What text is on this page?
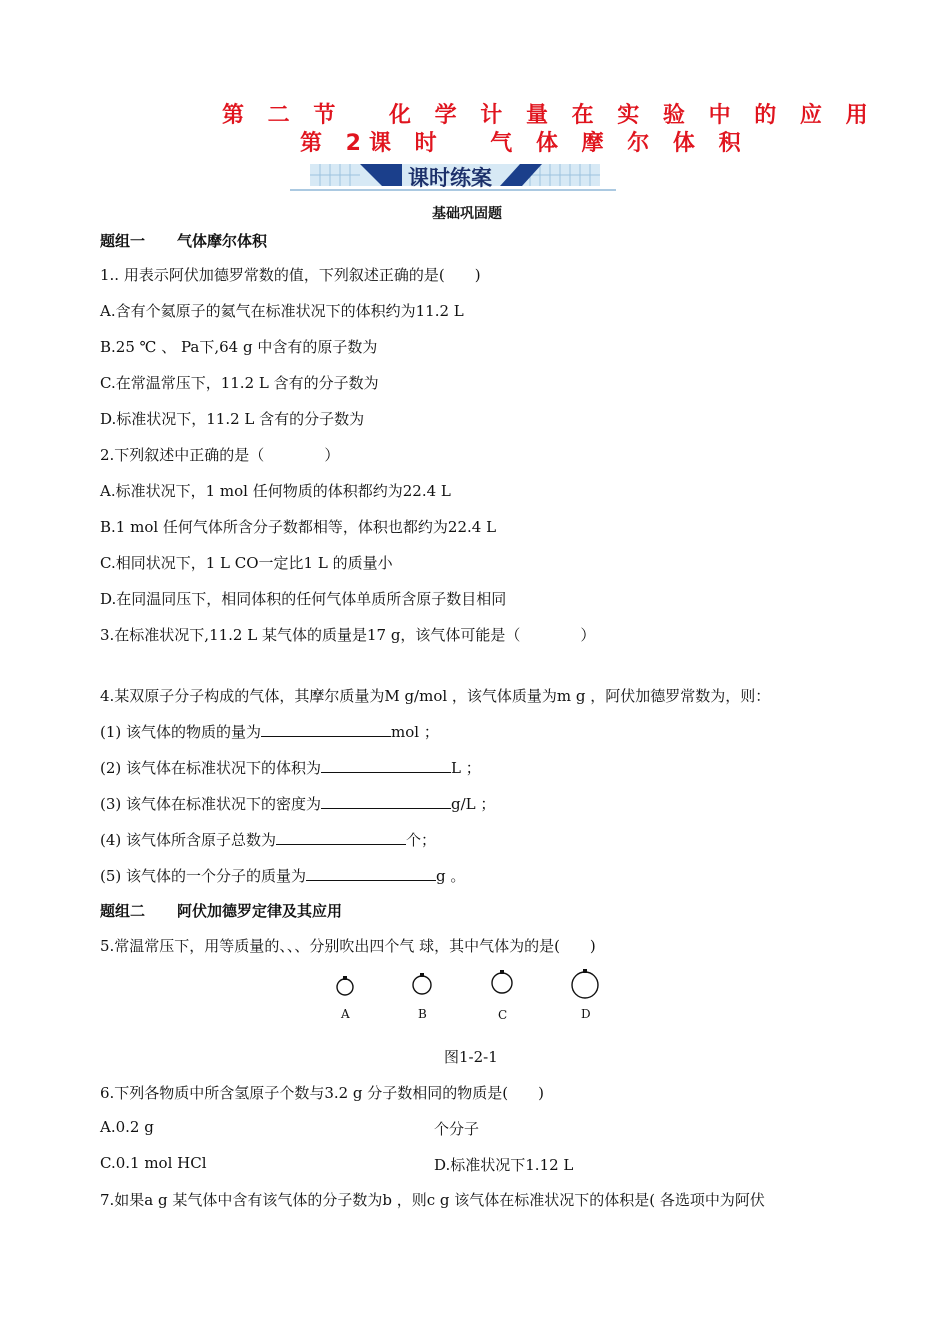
第 二 节　 化 学 计 量 在 实 验 中 的 应 用
第 2课 时　 气 体 摩 尔 体 积
课时练案
基础巩固题
题组一 气体摩尔体积
1.. 用表示阿伏加德罗常数的值，下列叙述正确的是(　　)
A.含有个氦原子的氦气在标准状况下的体积约为11.2 L
B.25 ℃ 、 Pa下,64 g 中含有的原子数为
C.在常温常压下，11.2 L 含有的分子数为
D.标准状况下，11.2 L 含有的分子数为
2.下列叙述中正确的是（　　　　）
A.标准状况下，1 mol 任何物质的体积都约为22.4 L
B.1 mol 任何气体所含分子数都相等，体积也都约为22.4 L
C.相同状况下，1 L CO一定比1 L 的质量小
D.在同温同压下，相同体积的任何气体单质所含原子数目相同
3.在标准状况下,11.2 L 某气体的质量是17 g，该气体可能是（　　　　）
4.某双原子分子构成的气体，其摩尔质量为M g/mol ，该气体质量为m g ，阿伏加德罗常数为，则：
(1) 该气体的物质的量为	mol ；
(2) 该气体在标准状况下的体积为	L ；
(3) 该气体在标准状况下的密度为	g/L ；
(4) 该气体所含原子总数为	个；
(5) 该气体的一个分子的质量为	g 。
题组二 阿伏加德罗定律及其应用
5.常温常压下，用等质量的、、、分别吹出四个气 球，其中气体为的是(　　)
A	B	C	D
图1-2-1
6.下列各物质中所含氢原子个数与3.2 g 分子数相同的物质是(　　)
A.0.2 g	个分子
C.0.1 mol HCl	D.标准状况下1.12 L
7.如果a g 某气体中含有该气体的分子数为b ，则c g 该气体在标准状况下的体积是( 各选项中为阿伏
